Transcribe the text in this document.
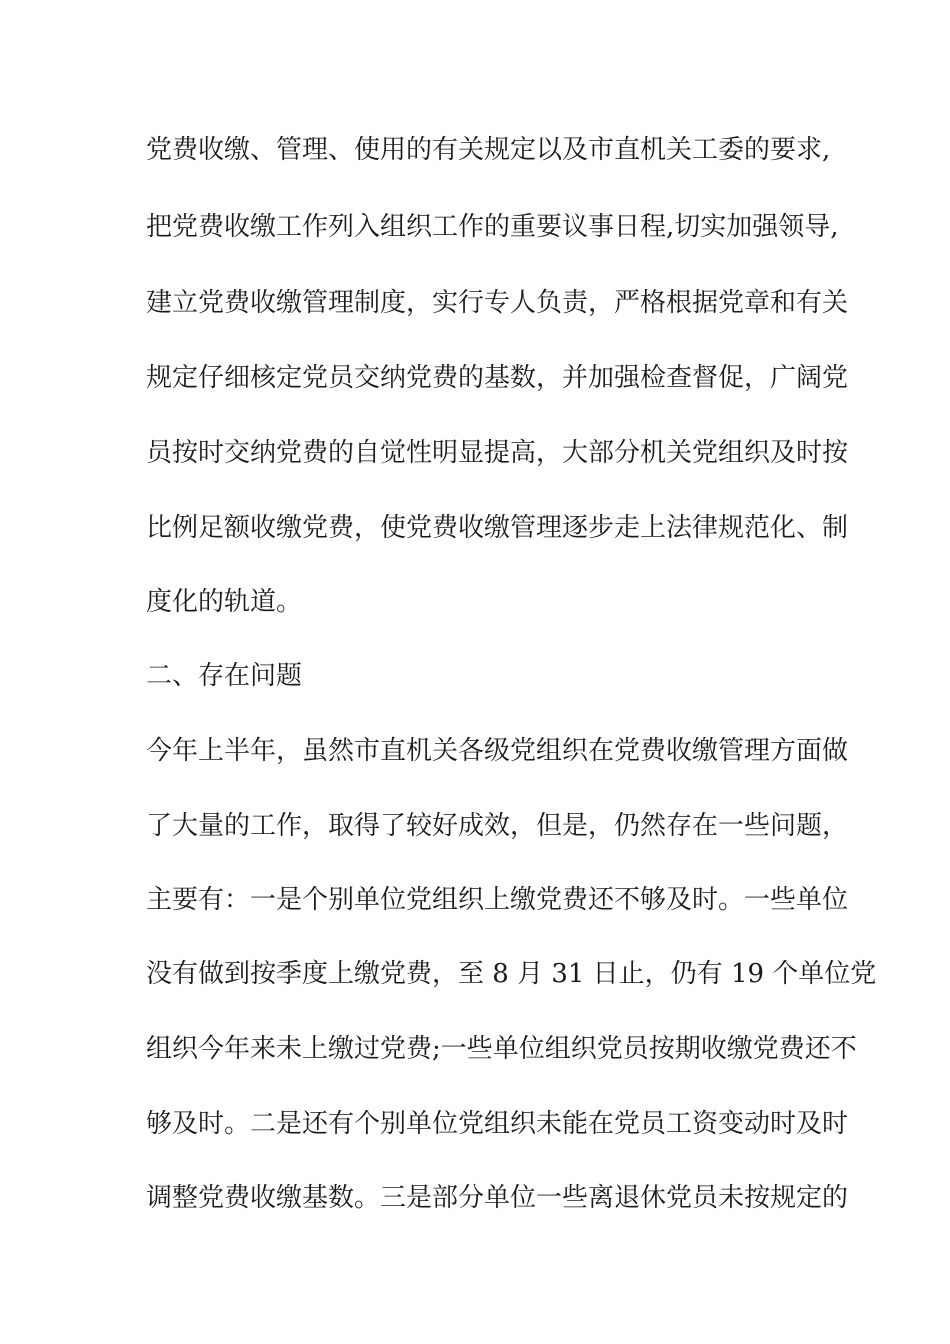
党费收缴、管理、使用的有关规定以及市直机关工委的要求,
把党费收缴工作列入组织工作的重要议事日程,切实加强领导,
建立党费收缴管理制度，实行专人负责，严格根据党章和有关
规定仔细核定党员交纳党费的基数，并加强检查督促，广阔党
员按时交纳党费的自觉性明显提高，大部分机关党组织及时按
比例足额收缴党费，使党费收缴管理逐步走上法律规范化、制
度化的轨道。
二、存在问题
今年上半年，虽然市直机关各级党组织在党费收缴管理方面做
了大量的工作，取得了较好成效，但是，仍然存在一些问题，
主要有：一是个别单位党组织上缴党费还不够及时。一些单位
没有做到按季度上缴党费，至 8 月 31 日止，仍有 19 个单位党
组织今年来未上缴过党费;一些单位组织党员按期收缴党费还不
够及时。二是还有个别单位党组织未能在党员工资变动时及时
调整党费收缴基数。三是部分单位一些离退休党员未按规定的
